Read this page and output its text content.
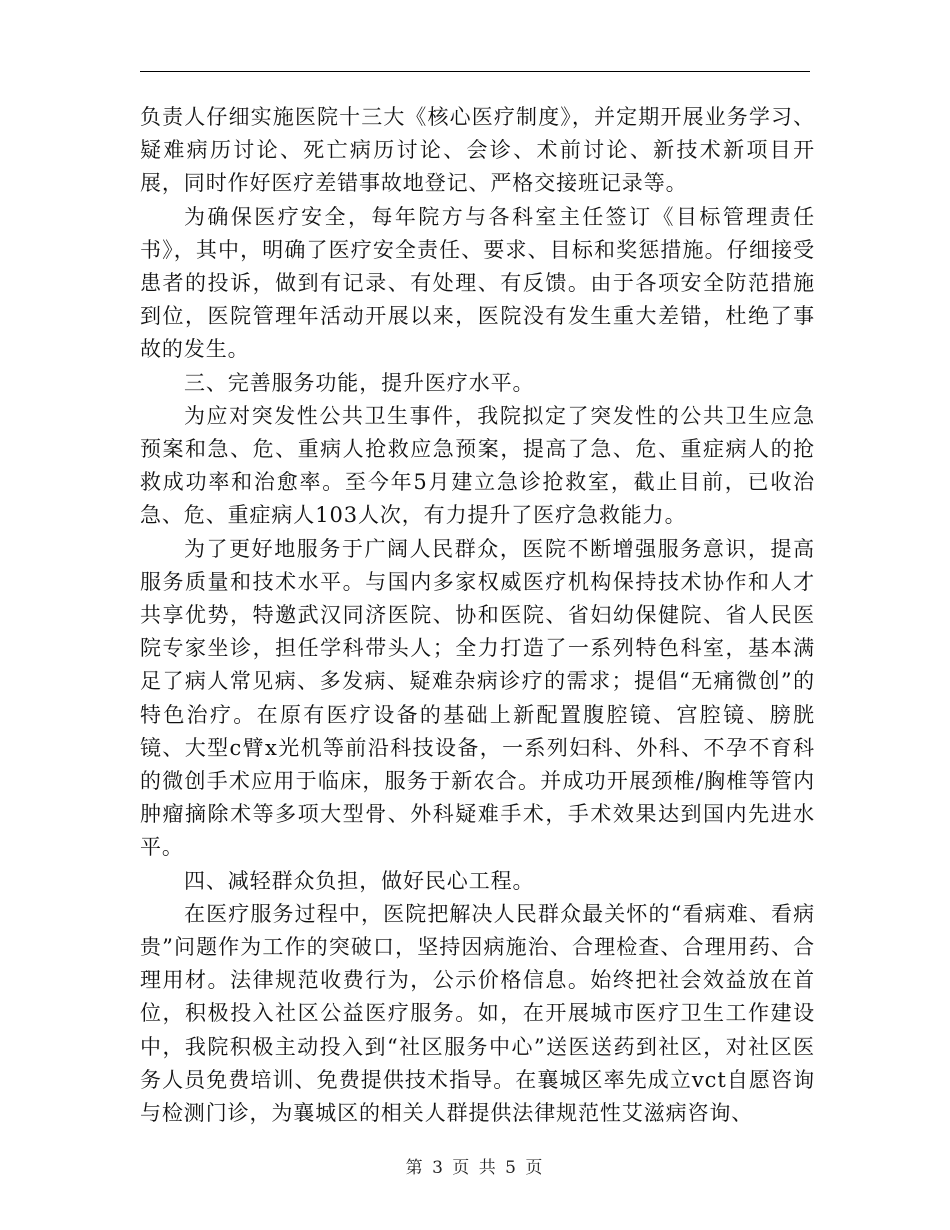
负责人仔细实施医院十三大《核心医疗制度》，并定期开展业务学习、疑难病历讨论、死亡病历讨论、会诊、术前讨论、新技术新项目开展，同时作好医疗差错事故地登记、严格交接班记录等。

为确保医疗安全，每年院方与各科室主任签订《目标管理责任书》，其中，明确了医疗安全责任、要求、目标和奖惩措施。仔细接受患者的投诉，做到有记录、有处理、有反馈。由于各项安全防范措施到位，医院管理年活动开展以来，医院没有发生重大差错，杜绝了事故的发生。

三、完善服务功能，提升医疗水平。

为应对突发性公共卫生事件，我院拟定了突发性的公共卫生应急预案和急、危、重病人抢救应急预案，提高了急、危、重症病人的抢救成功率和治愈率。至今年5月建立急诊抢救室，截止目前，已收治急、危、重症病人103人次，有力提升了医疗急救能力。

为了更好地服务于广阔人民群众，医院不断增强服务意识，提高服务质量和技术水平。与国内多家权威医疗机构保持技术协作和人才共享优势，特邀武汉同济医院、协和医院、省妇幼保健院、省人民医院专家坐诊，担任学科带头人；全力打造了一系列特色科室，基本满足了病人常见病、多发病、疑难杂病诊疗的需求；提倡“无痛微创”的特色治疗。在原有医疗设备的基础上新配置腹腔镜、宫腔镜、膀胱镜、大型c臂x光机等前沿科技设备，一系列妇科、外科、不孕不育科的微创手术应用于临床，服务于新农合。并成功开展颈椎/胸椎等管内肿瘤摘除术等多项大型骨、外科疑难手术，手术效果达到国内先进水平。

四、减轻群众负担，做好民心工程。

在医疗服务过程中，医院把解决人民群众最关怀的“看病难、看病贵”问题作为工作的突破口，坚持因病施治、合理检查、合理用药、合理用材。法律规范收费行为，公示价格信息。始终把社会效益放在首位，积极投入社区公益医疗服务。如，在开展城市医疗卫生工作建设中，我院积极主动投入到“社区服务中心”送医送药到社区，对社区医务人员免费培训、免费提供技术指导。在襄城区率先成立vct自愿咨询与检测门诊，为襄城区的相关人群提供法律规范性艾滋病咨询、

第 3 页 共 5 页
